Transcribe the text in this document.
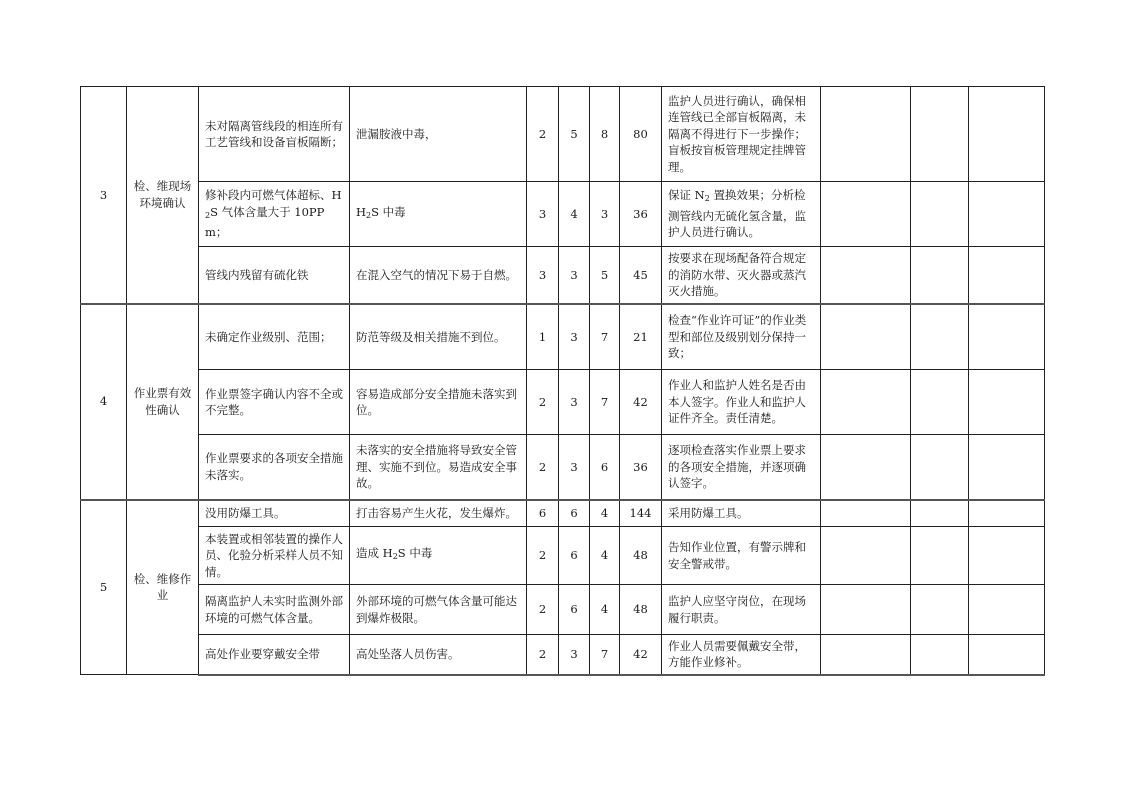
3	检、维现场环境确认	未对隔离管线段的相连所有工艺管线和设备盲板隔断；	泄漏胺液中毒，	2	5	8	80	监护人员进行确认，确保相连管线已全部盲板隔离，未隔离不得进行下一步操作；盲板按盲板管理规定挂牌管理。			
		修补段内可燃气体超标、$H_2S$ 气体含量大于 10PPm；	$H_2S$ 中毒	3	4	3	36	保证 $N_2$ 置换效果；分析检测管线内无硫化氢含量，监护人员进行确认。			
		管线内残留有硫化铁	在混入空气的情况下易于自燃。	3	3	5	45	按要求在现场配备符合规定的消防水带、灭火器或蒸汽灭火措施。			
4	作业票有效性确认	未确定作业级别、范围；	防范等级及相关措施不到位。	1	3	7	21	检查“作业许可证”的作业类型和部位及级别划分保持一致；			
		作业票签字确认内容不全或不完整。	容易造成部分安全措施未落实到位。	2	3	7	42	作业人和监护人姓名是否由本人签字。作业人和监护人证件齐全。责任清楚。			
		作业票要求的各项安全措施未落实。	未落实的安全措施将导致安全管理、实施不到位。易造成安全事故。	2	3	6	36	逐项检查落实作业票上要求的各项安全措施，并逐项确认签字。			
5	检、维修作业	没用防爆工具。	打击容易产生火花，发生爆炸。	6	6	4	144	采用防爆工具。			
		本装置或相邻装置的操作人员、化验分析采样人员不知情。	造成 $H_2S$ 中毒	2	6	4	48	告知作业位置，有警示牌和安全警戒带。			
		隔离监护人未实时监测外部环境的可燃气体含量。	外部环境的可燃气体含量可能达到爆炸极限。	2	6	4	48	监护人应坚守岗位，在现场履行职责。			
		高处作业要穿戴安全带	高处坠落人员伤害。	2	3	7	42	作业人员需要佩戴安全带，方能作业修补。			
